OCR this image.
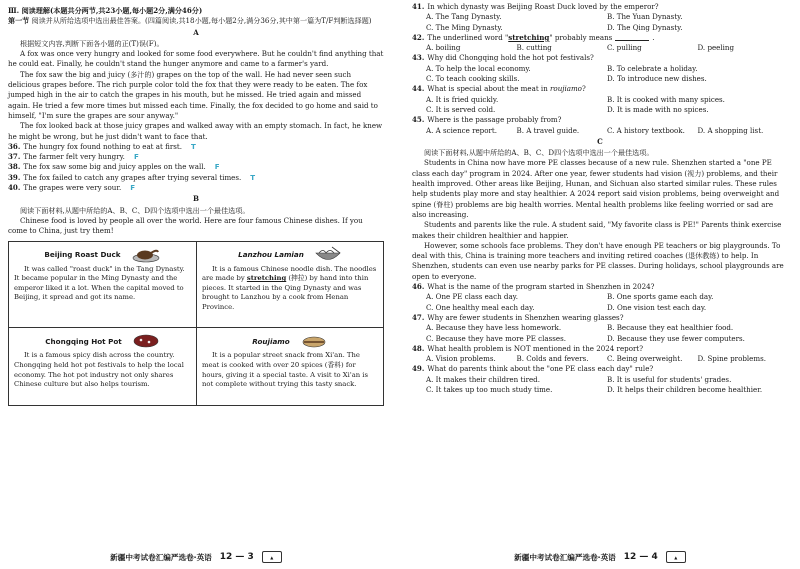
Ⅲ. 阅读理解(本题共分两节,共23小题,每小题2分,满分46分)

第一节 阅读并从所给选项中选出最佳答案。(四篇阅读,共18小题,每小题2分,满分36分,其中第一篇为T/F判断选择题)

A

根据短文内容,判断下面各小题的正(T)误(F)。

A fox was once very hungry and looked for some food everywhere. But he couldn't find anything that he could eat. Finally, he couldn't stand the hunger anymore and came to a farmer's yard.

The fox saw the big and juicy (多汁的) grapes on the top of the wall. He had never seen such delicious grapes before. The rich purple color told the fox that they were ready to be eaten. The fox jumped high in the air to catch the grapes in his mouth, but he missed. He tried again and missed again. He tried a few more times but missed each time. Finally, the fox decided to go home and said to himself, "I'm sure the grapes are sour anyway."

The fox looked back at those juicy grapes and walked away with an empty stomach. In fact, he knew he might be wrong, but he just didn't want to face that.

36. The hungry fox found nothing to eat at first. T
37. The farmer felt very hungry. F
38. The fox saw some big and juicy apples on the wall. F
39. The fox failed to catch any grapes after trying several times. T
40. The grapes were very sour. F

B

阅读下面材料,从题中所给的A、B、C、D四个选项中选出一个最佳选项。

Chinese food is loved by people all over the world. Here are four famous Chinese dishes. If you come to China, just try them!

Beijing Roast Duck

It was called "roast duck" in the Tang Dynasty. It became popular in the Ming Dynasty and the emperor liked it a lot. When the capital moved to Beijing, it spread and got its name.

Lanzhou Lamian

It is a famous Chinese noodle dish. The noodles are made by stretching (抻拉) by hand into thin pieces. It started in the Qing Dynasty and was brought to Lanzhou by a cook from Henan Province.

Chongqing Hot Pot

It is a famous spicy dish across the country. Chongqing held hot pot festivals to help the local economy. The hot pot industry not only shares Chinese culture but also helps tourism.

Roujiamo

It is a popular street snack from Xi'an. The meat is cooked with over 20 spices (香料) for hours, giving it a special taste. A visit to Xi'an is not complete without trying this tasty snack.

新疆中考试卷汇编严选卷·英语 12 — 3	▲
41. In which dynasty was Beijing Roast Duck loved by the emperor?
A. The Tang Dynasty.	B. The Yuan Dynasty.
C. The Ming Dynasty.	D. The Qing Dynasty.
42. The underlined word "stretching" probably means	.
A. boiling	B. cutting	C. pulling	D. peeling
43. Why did Chongqing hold the hot pot festivals?
A. To help the local economy.	B. To celebrate a holiday.
C. To teach cooking skills.	D. To introduce new dishes.
44. What is special about the meat in roujiamo?
A. It is fried quickly.	B. It is cooked with many spices.
C. It is served cold.	D. It is made with no spices.
45. Where is the passage probably from?
A. A science report.	B. A travel guide.	C. A history textbook.	D. A shopping list.

C

阅读下面材料,从题中所给的A、B、C、D四个选项中选出一个最佳选项。

Students in China now have more PE classes because of a new rule. Shenzhen started a "one PE class each day" program in 2024. After one year, fewer students had vision (视力) problems, and their health improved. Other areas like Beijing, Hunan, and Sichuan also started similar rules. These rules help students play more and stay healthier. A 2024 report said vision problems, being overweight and spine (脊柱) problems are big health worries. Mental health problems like feeling worried or sad are also increasing.

Students and parents like the rule. A student said, "My favorite class is PE!" Parents think exercise makes their children healthier and happier.

However, some schools face problems. They don't have enough PE teachers or big playgrounds. To deal with this, China is training more teachers and inviting retired coaches (退休教练) to help. In Shenzhen, students can even use nearby parks for PE classes. During holidays, school playgrounds are open to everyone.

46. What is the name of the program started in Shenzhen in 2024?
A. One PE class each day.	B. One sports game each day.
C. One healthy meal each day.	D. One vision test each day.
47. Why are fewer students in Shenzhen wearing glasses?
A. Because they have less homework.	B. Because they eat healthier food.
C. Because they have more PE classes.	D. Because they use fewer computers.
48. What health problem is NOT mentioned in the 2024 report?
A. Vision problems.	B. Colds and fevers.	C. Being overweight.	D. Spine problems.
49. What do parents think about the "one PE class each day" rule?
A. It makes their children tired.	B. It is useful for students' grades.
C. It takes up too much study time.	D. It helps their children become healthier.
新疆中考试卷汇编严选卷·英语 12 — 4	▲
